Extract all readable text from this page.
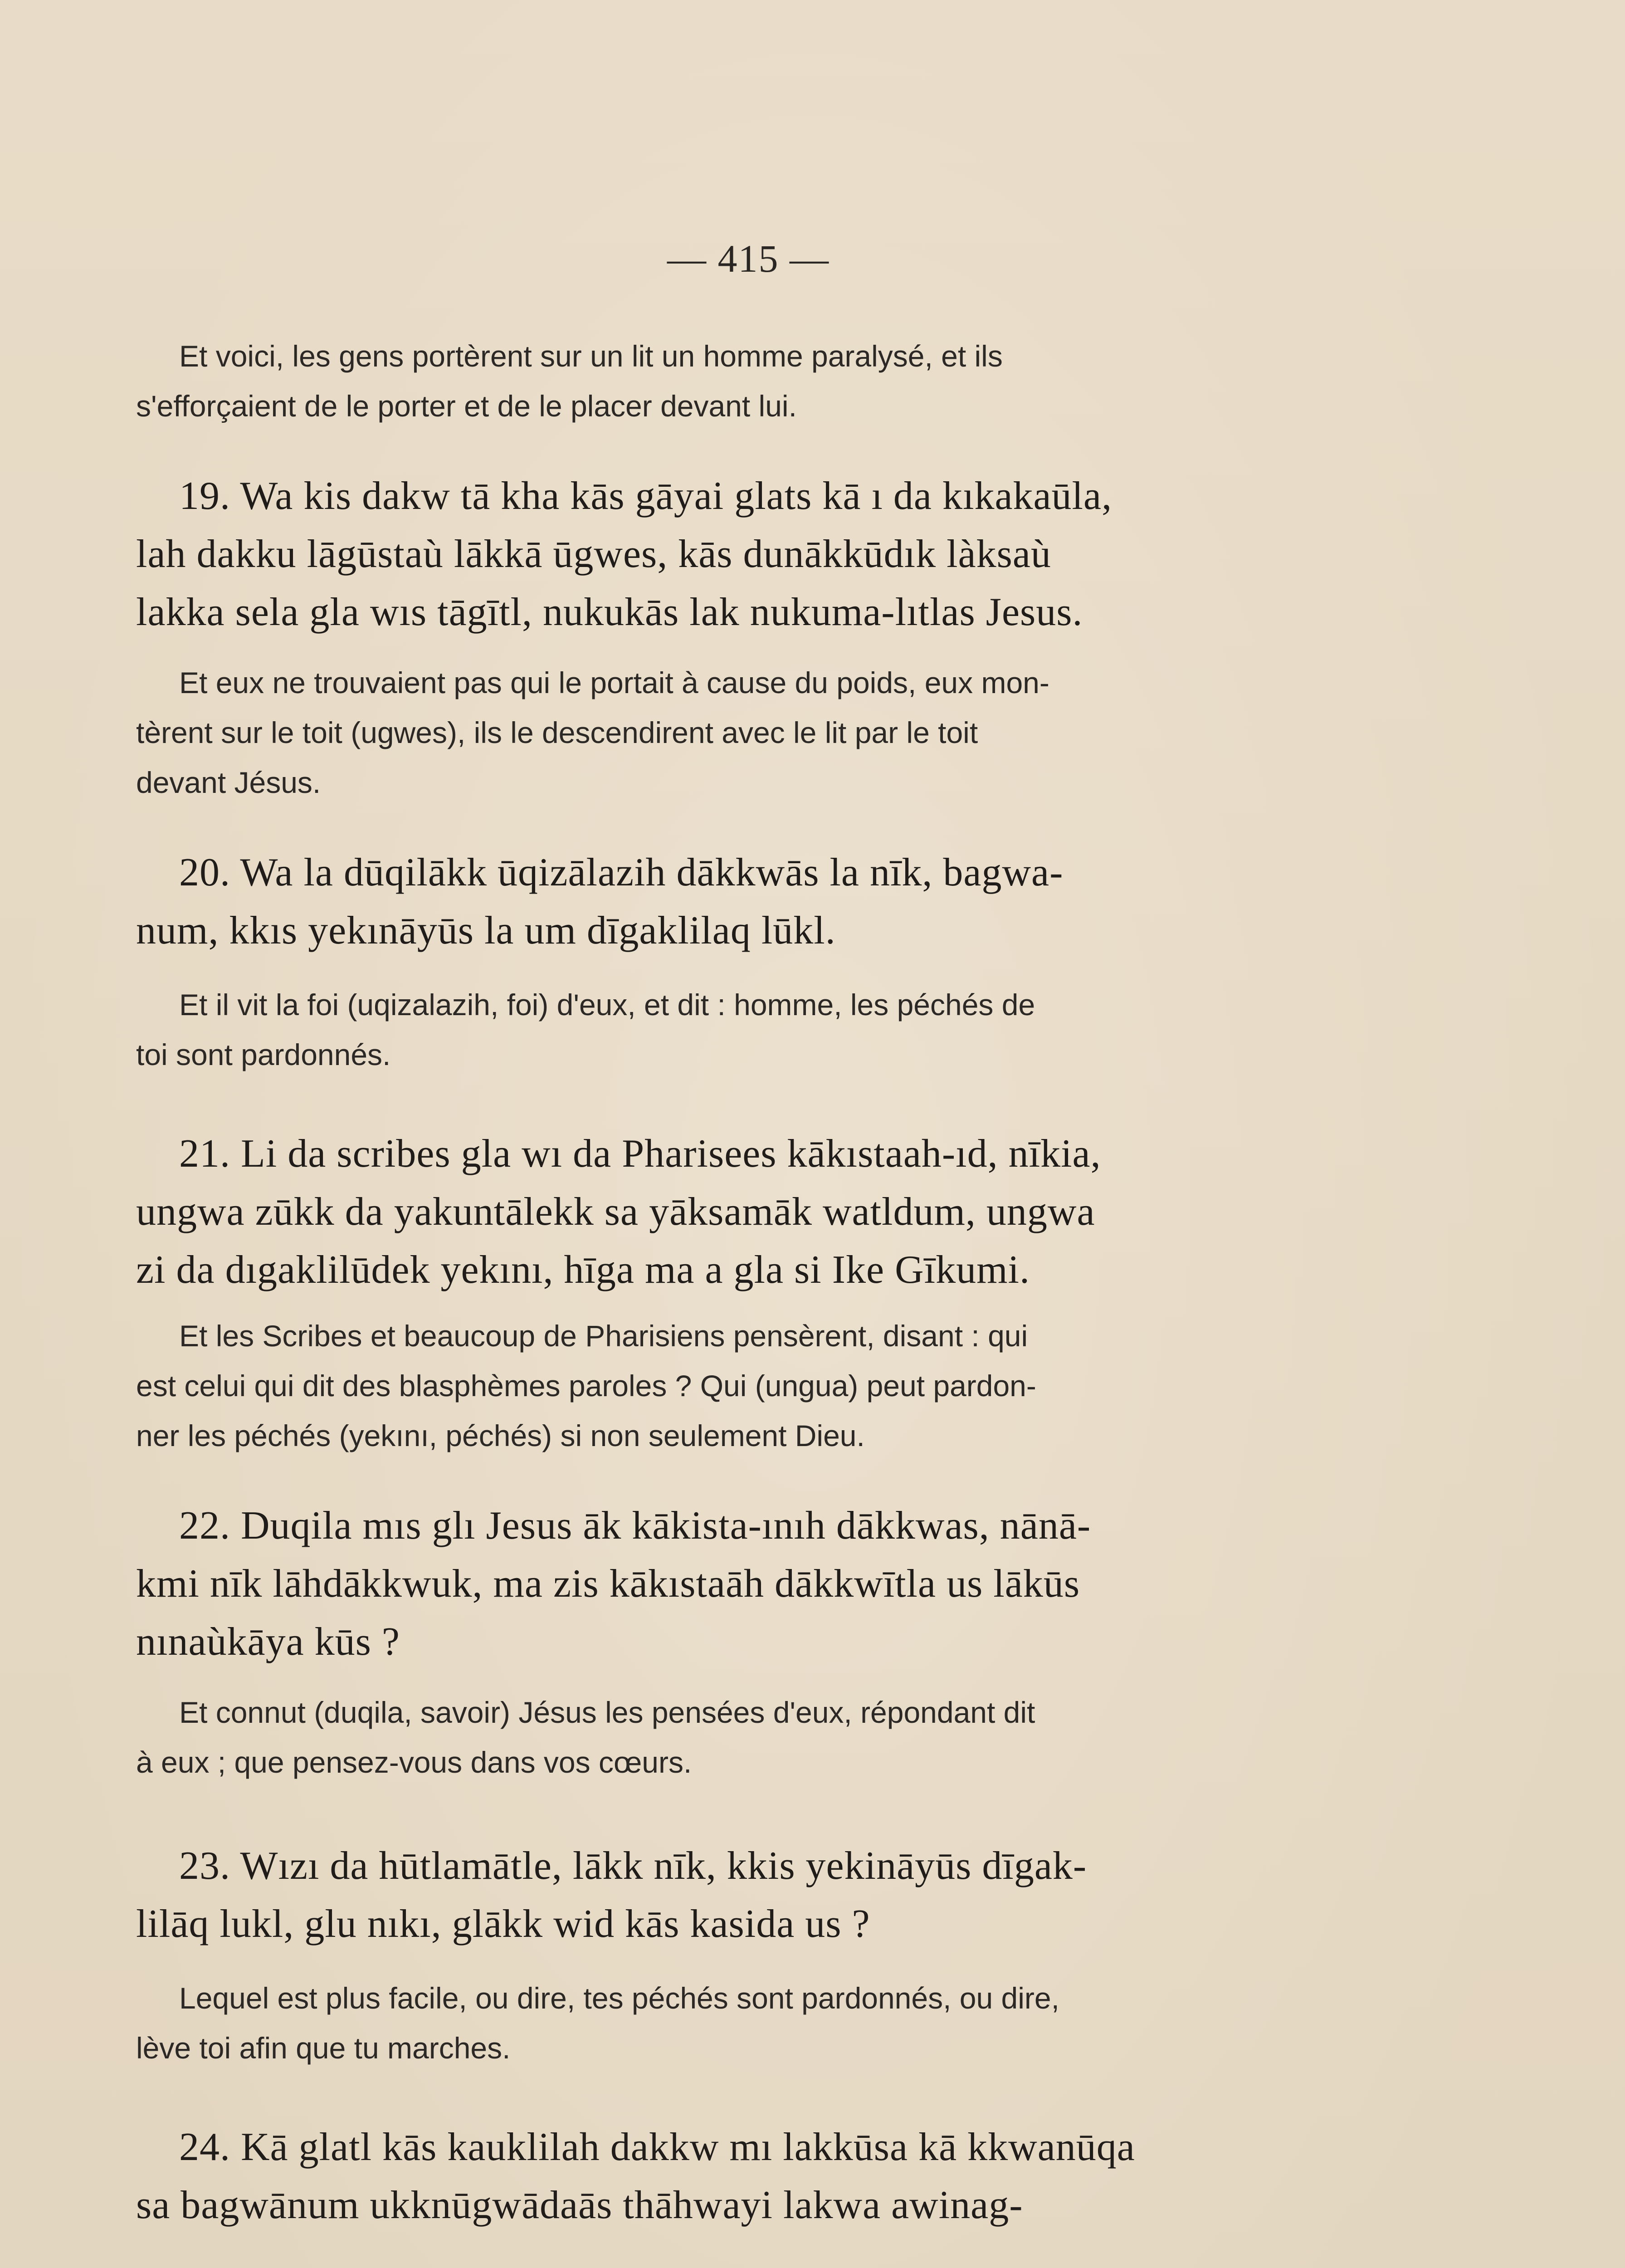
— 415 —
Et voici, les gens portèrent sur un lit un homme paralysé, et ils
s'efforçaient de le porter et de le placer devant lui.
19. Wa kis dakw tā kha kās gāyai glats kā ı da kıkakaūla,
lah dakku lāgūstaù lākkā ūgwes, kās dunākkūdık làksaù
lakka sela gla wıs tāgītl, nukukās lak nukuma-lıtlas Jesus.
Et eux ne trouvaient pas qui le portait à cause du poids, eux mon-
tèrent sur le toit (ugwes), ils le descendirent avec le lit par le toit
devant Jésus.
20. Wa la dūqilākk ūqizālazih dākkwās la nīk, bagwa-
num, kkıs yekınāyūs la um dīgaklilaq lūkl.
Et il vit la foi (uqizalazih, foi) d'eux, et dit : homme, les péchés de
toi sont pardonnés.
21. Li da scribes gla wı da Pharisees kākıstaah-ıd, nīkia,
ungwa zūkk da yakuntālekk sa yāksamāk watldum, ungwa
zi da dıgaklilūdek yekını, hīga ma a gla si Ike Gīkumi.
Et les Scribes et beaucoup de Pharisiens pensèrent, disant : qui
est celui qui dit des blasphèmes paroles ? Qui (ungua) peut pardon-
ner les péchés (yekını, péchés) si non seulement Dieu.
22. Duqila mıs glı Jesus āk kākista-ınıh dākkwas, nānā-
kmi nīk lāhdākkwuk, ma zis kākıstaāh dākkwītla us lākūs
nınaùkāya kūs ?
Et connut (duqila, savoir) Jésus les pensées d'eux, répondant dit
à eux ; que pensez-vous dans vos cœurs.
23. Wızı da hūtlamātle, lākk nīk, kkis yekināyūs dīgak-
lilāq lukl, glu nıkı, glākk wid kās kasida us ?
Lequel est plus facile, ou dire, tes péchés sont pardonnés, ou dire,
lève toi afin que tu marches.
24. Kā glatl kās kauklilah dakkw mı lakkūsa kā kkwanūqa
sa bagwānum ukknūgwādaās thāhwayi lakwa awinag-
